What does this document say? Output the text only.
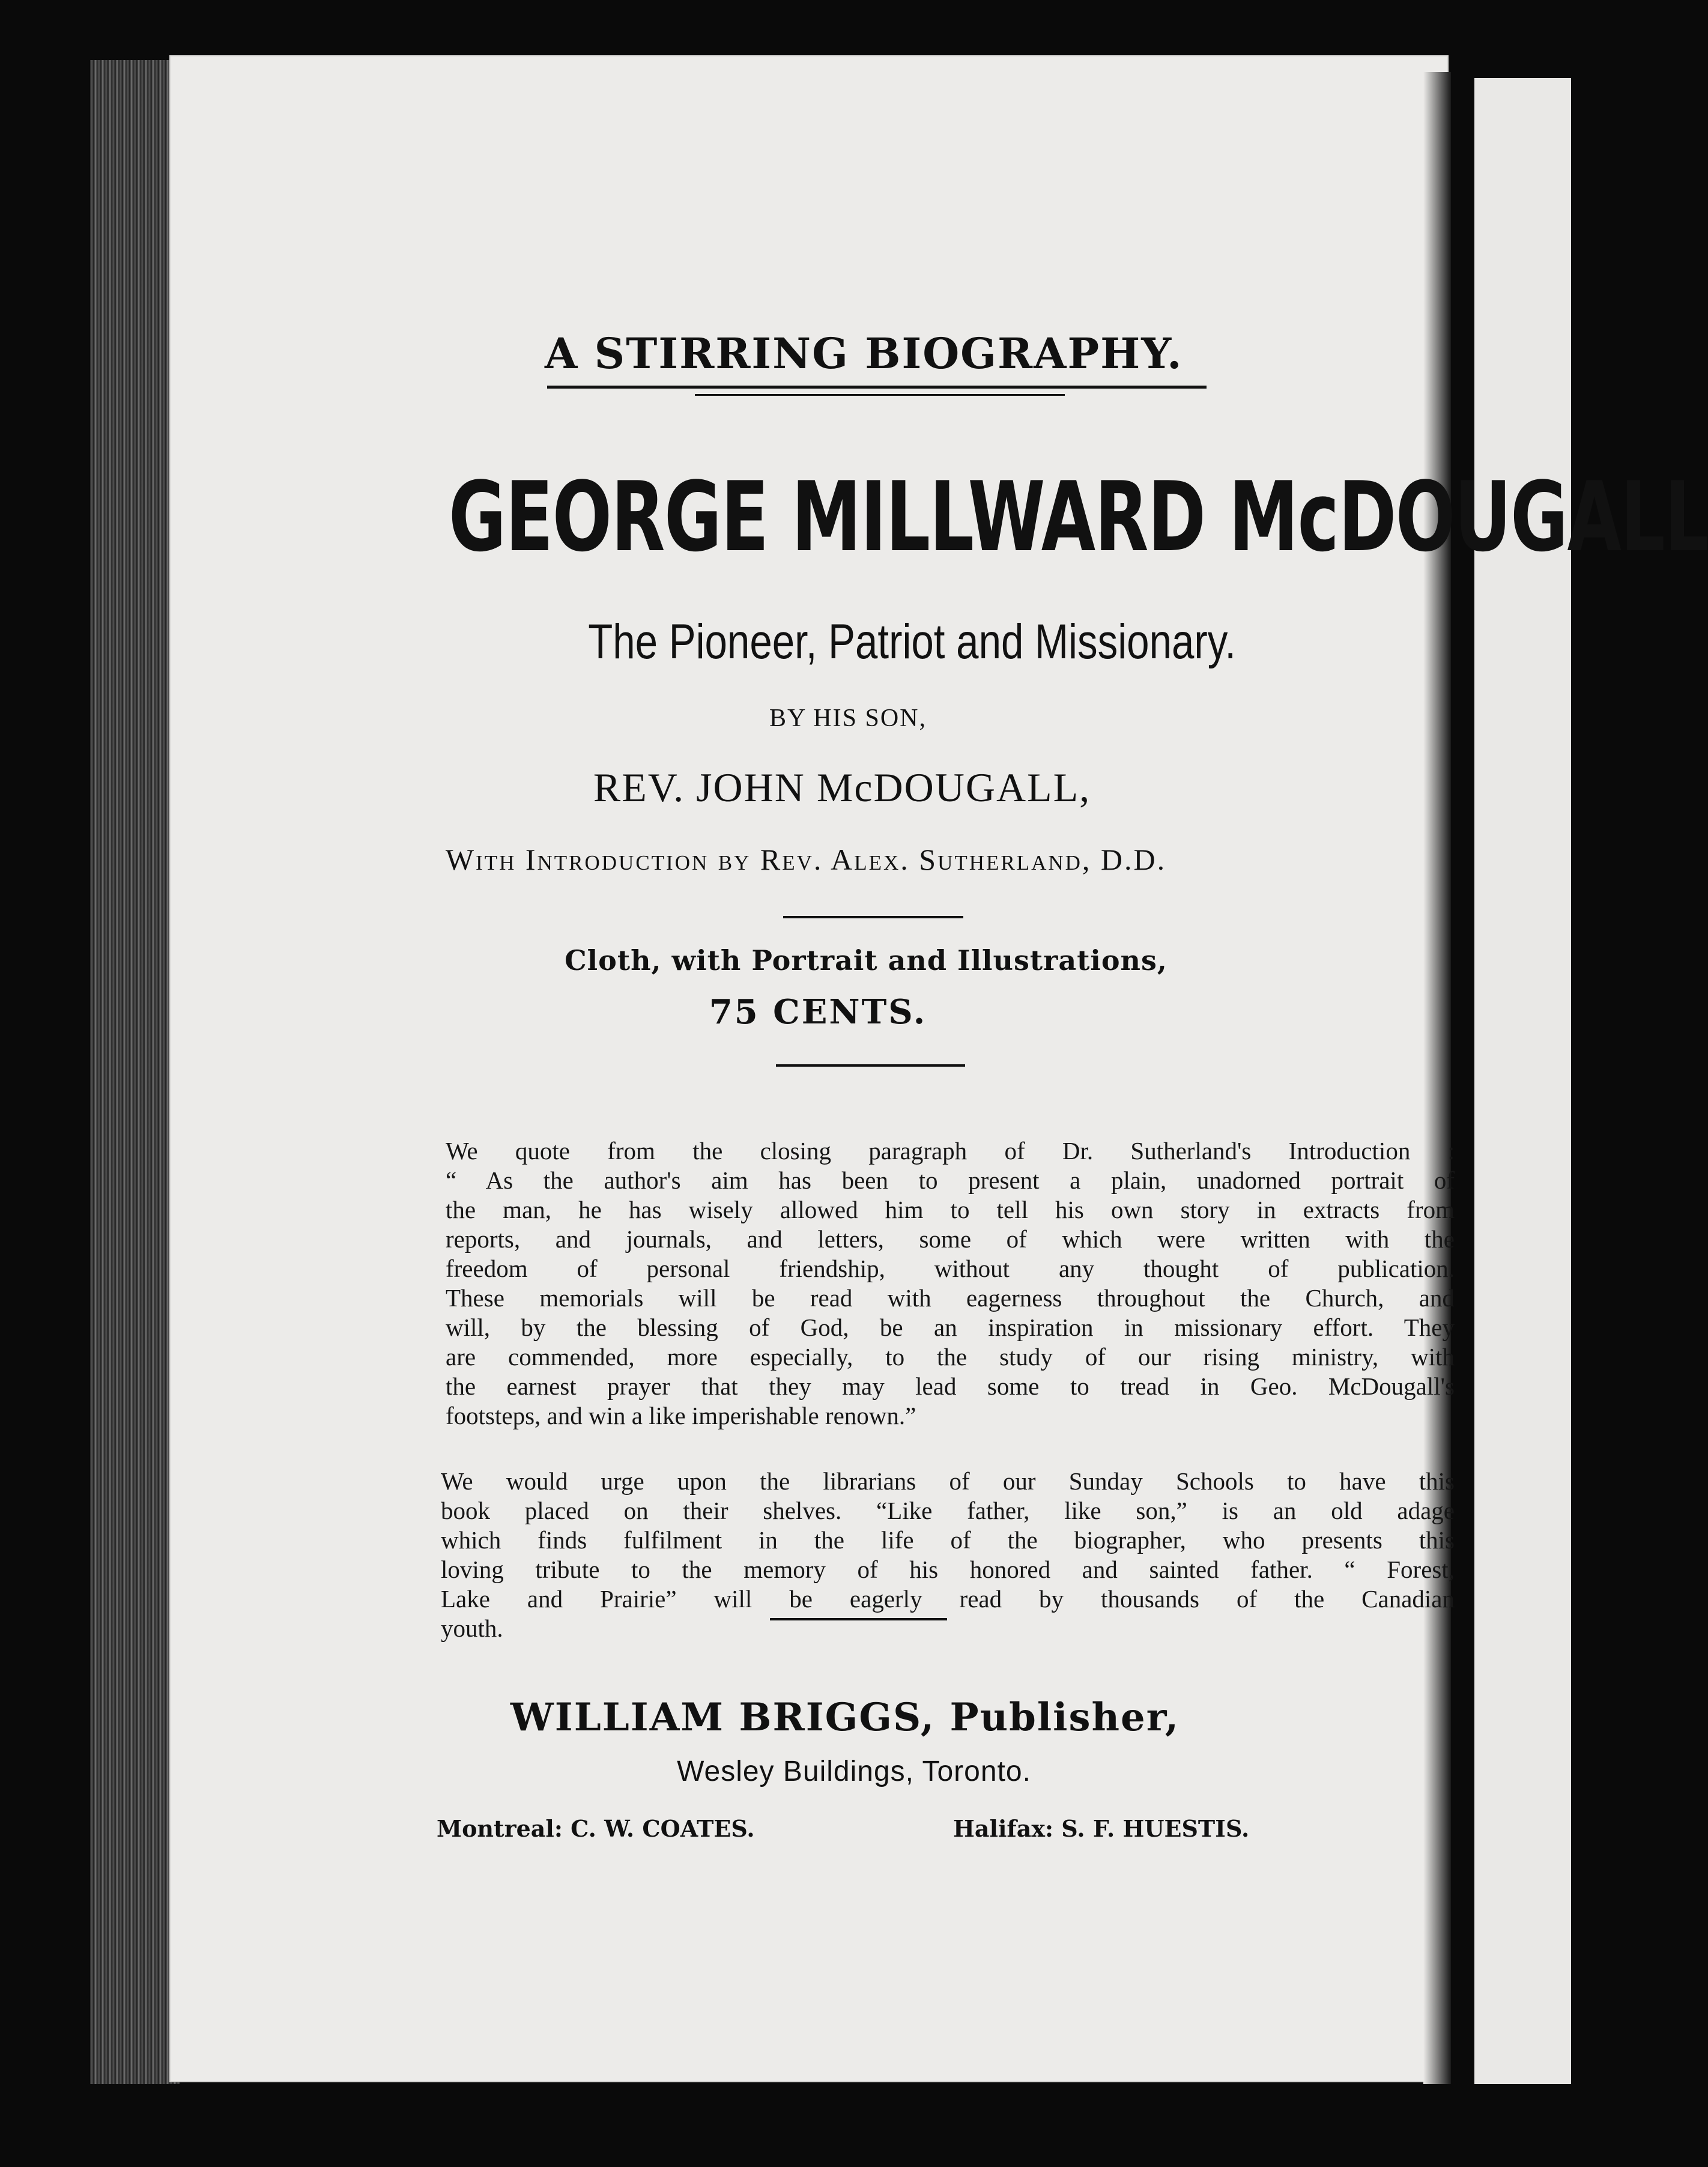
A STIRRING BIOGRAPHY.
GEORGE MILLWARD McDOUGALL
The Pioneer, Patriot and Missionary.
BY HIS SON,
REV. JOHN McDOUGALL,
With Introduction by Rev. Alex. Sutherland, D.D.
Cloth, with Portrait and Illustrations,
75 CENTS.
We quote from the closing paragraph of Dr. Sutherland's Introduction :
“ As the author's aim has been to present a plain, unadorned portrait of
the man, he has wisely allowed him to tell his own story in extracts from
reports, and journals, and letters, some of which were written with the
freedom of personal friendship, without any thought of publication.
These memorials will be read with eagerness throughout the Church, and
will, by the blessing of God, be an inspiration in missionary effort. They
are commended, more especially, to the study of our rising ministry, with
the earnest prayer that they may lead some to tread in Geo. McDougall's
footsteps, and win a like imperishable renown.”
We would urge upon the librarians of our Sunday Schools to have this
book placed on their shelves. “Like father, like son,” is an old adage
which finds fulfilment in the life of the biographer, who presents this
loving tribute to the memory of his honored and sainted father. “ Forest,
Lake and Prairie” will be eagerly read by thousands of the Canadian
youth.
WILLIAM BRIGGS, Publisher,
Wesley Buildings, Toronto.
Montreal: C. W. COATES.	Halifax: S. F. HUESTIS.
